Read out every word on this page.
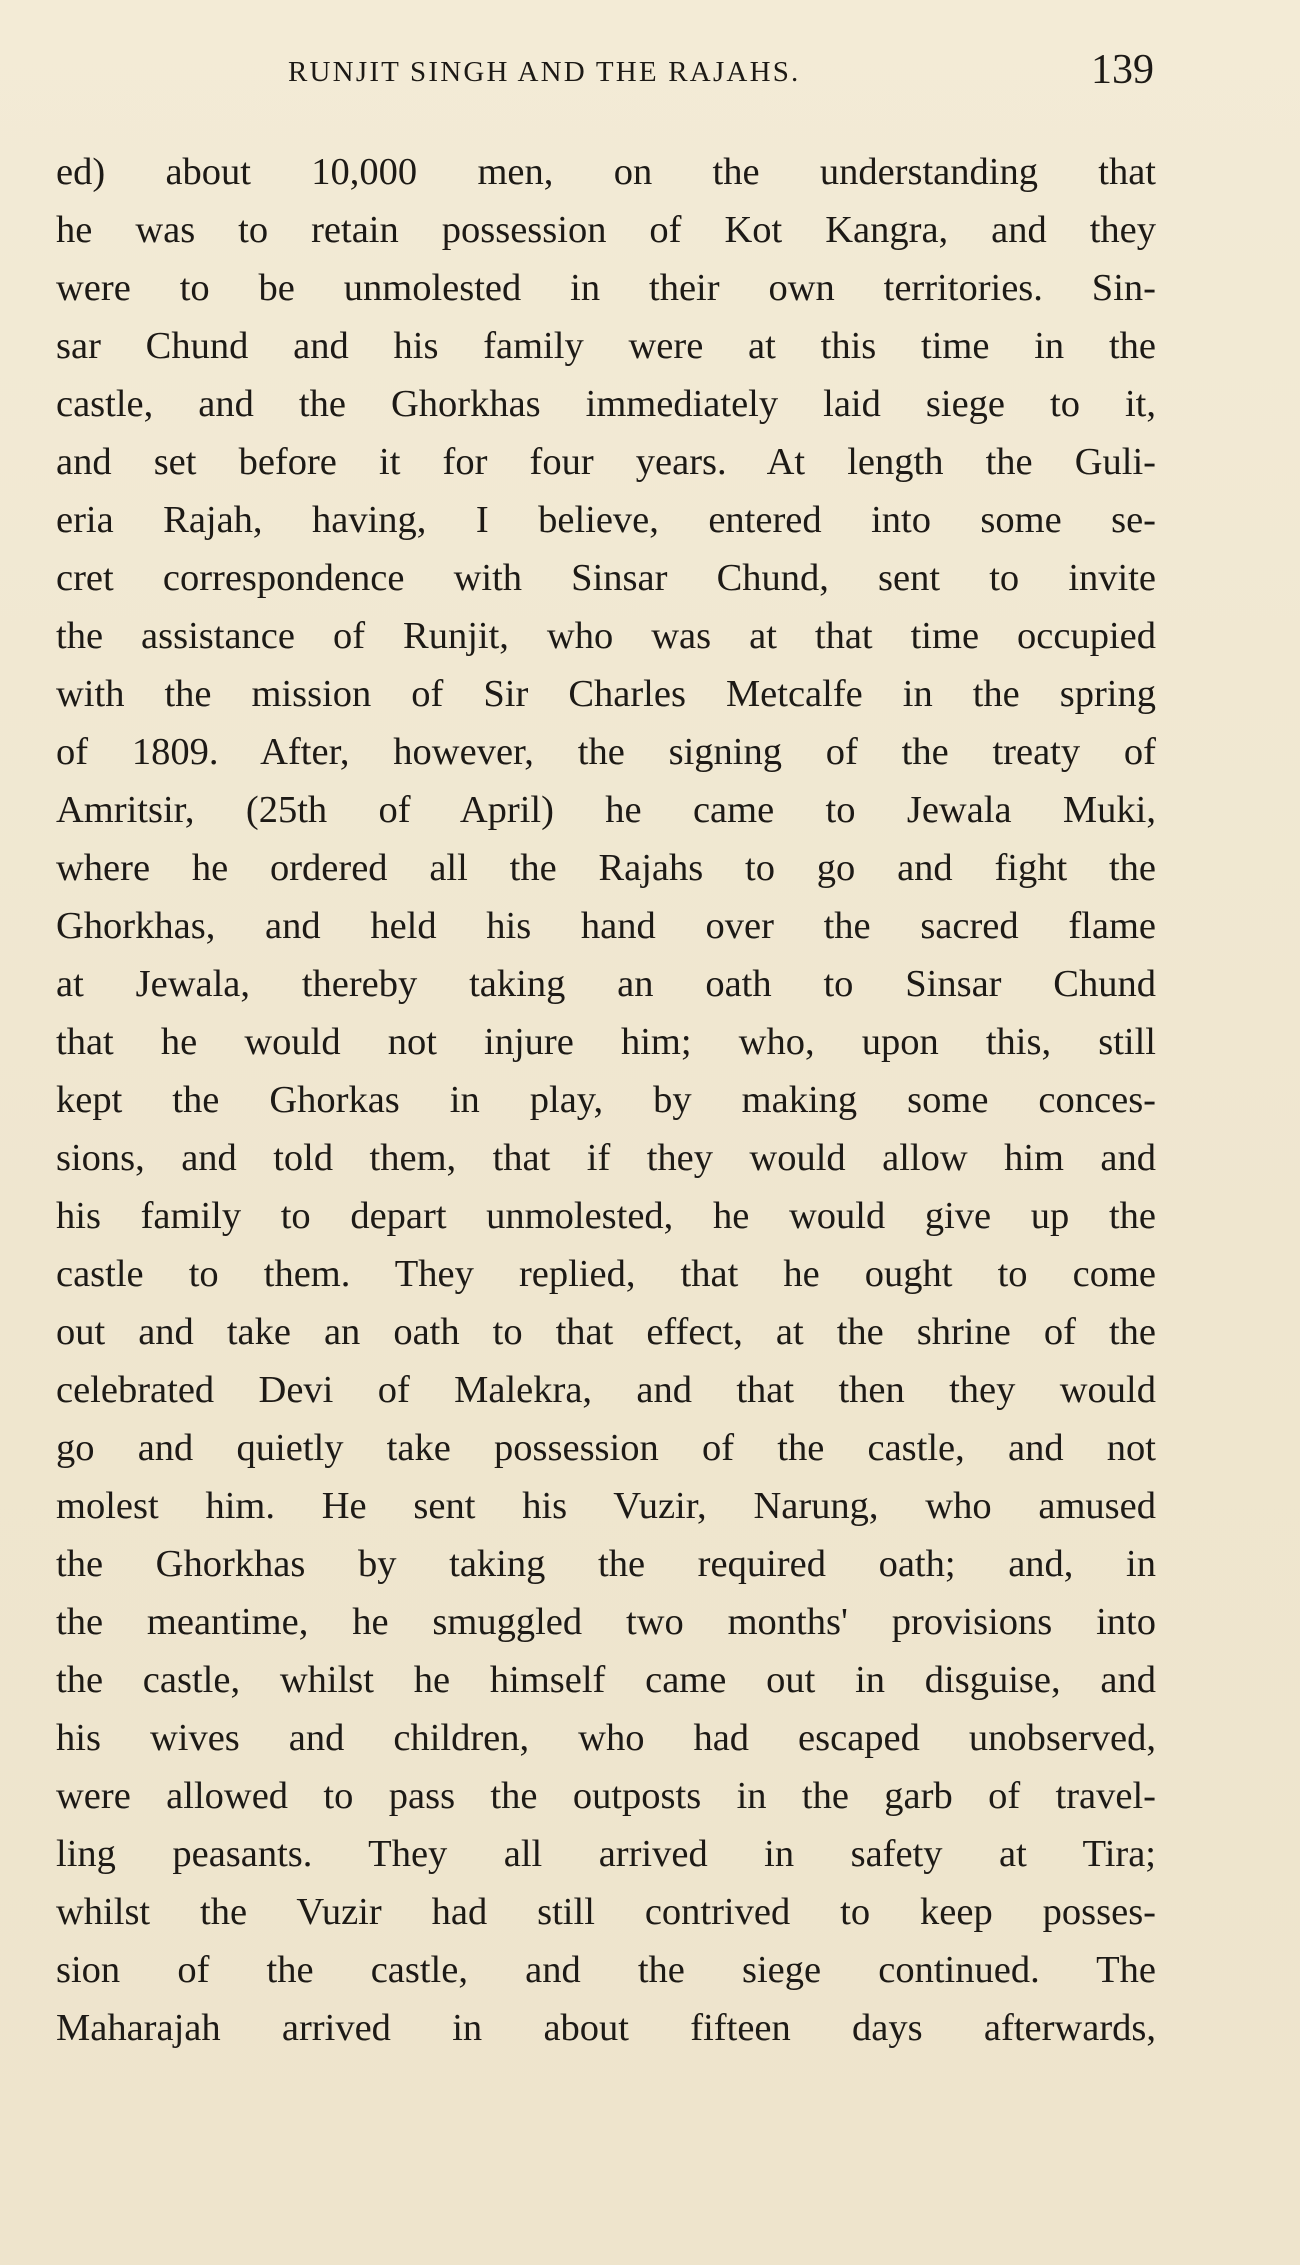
RUNJIT SINGH AND THE RAJAHS.	139
ed) about 10,000 men, on the understanding that
he was to retain possession of Kot Kangra, and they
were to be unmolested in their own territories. Sin-
sar Chund and his family were at this time in the
castle, and the Ghorkhas immediately laid siege to it,
and set before it for four years. At length the Guli-
eria Rajah, having, I believe, entered into some se-
cret correspondence with Sinsar Chund, sent to invite
the assistance of Runjit, who was at that time occupied
with the mission of Sir Charles Metcalfe in the spring
of 1809. After, however, the signing of the treaty of
Amritsir, (25th of April) he came to Jewala Muki,
where he ordered all the Rajahs to go and fight the
Ghorkhas, and held his hand over the sacred flame
at Jewala, thereby taking an oath to Sinsar Chund
that he would not injure him; who, upon this, still
kept the Ghorkas in play, by making some conces-
sions, and told them, that if they would allow him and
his family to depart unmolested, he would give up the
castle to them. They replied, that he ought to come
out and take an oath to that effect, at the shrine of the
celebrated Devi of Malekra, and that then they would
go and quietly take possession of the castle, and not
molest him. He sent his Vuzir, Narung, who amused
the Ghorkhas by taking the required oath; and, in
the meantime, he smuggled two months' provisions into
the castle, whilst he himself came out in disguise, and
his wives and children, who had escaped unobserved,
were allowed to pass the outposts in the garb of travel-
ling peasants. They all arrived in safety at Tira;
whilst the Vuzir had still contrived to keep posses-
sion of the castle, and the siege continued. The
Maharajah arrived in about fifteen days afterwards,
